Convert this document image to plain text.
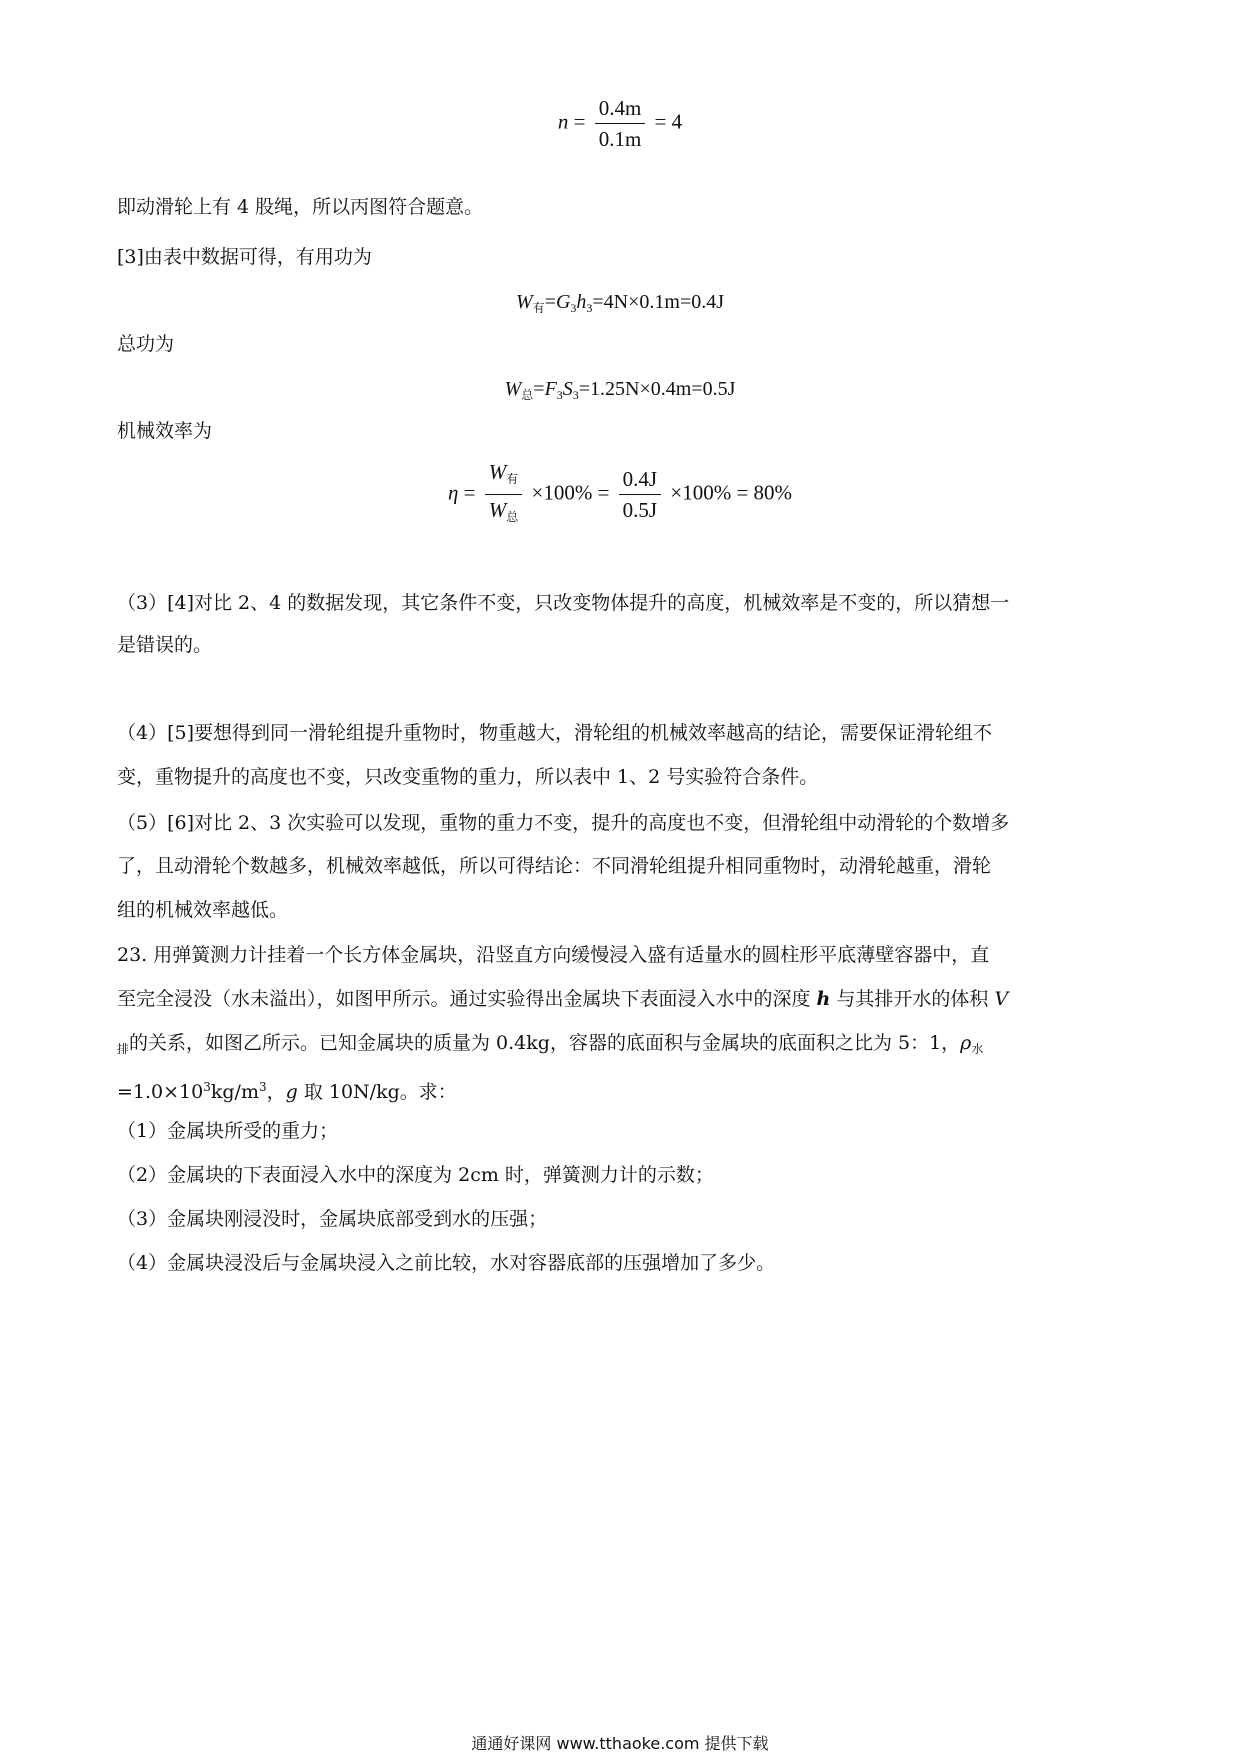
$n = \frac{0.4m}{0.1m} = 4$
即动滑轮上有 4 股绳，所以丙图符合题意。
[3]由表中数据可得，有用功为
$W_有=G_3h_3=4N\times 0.1m=0.4J$
总功为
$W_总=F_3S_3=1.25N\times 0.4m=0.5J$
机械效率为
$\eta = \frac{W_有}{W_总} \times 100\% = \frac{0.4J}{0.5J} \times 100\% = 80\%$
（3）[4]对比 2、4 的数据发现，其它条件不变，只改变物体提升的高度，机械效率是不变的，所以猜想一
是错误的。
（4）[5]要想得到同一滑轮组提升重物时，物重越大，滑轮组的机械效率越高的结论，需要保证滑轮组不
变，重物提升的高度也不变，只改变重物的重力，所以表中 1、2 号实验符合条件。
（5）[6]对比 2、3 次实验可以发现，重物的重力不变，提升的高度也不变，但滑轮组中动滑轮的个数增多
了，且动滑轮个数越多，机械效率越低，所以可得结论：不同滑轮组提升相同重物时，动滑轮越重，滑轮
组的机械效率越低。
23. 用弹簧测力计挂着一个长方体金属块，沿竖直方向缓慢浸入盛有适量水的圆柱形平底薄壁容器中，直
至完全浸没（水未溢出），如图甲所示。通过实验得出金属块下表面浸入水中的深度 h 与其排开水的体积 V
$_排$的关系，如图乙所示。已知金属块的质量为 0.4kg，容器的底面积与金属块的底面积之比为 5：1，$\rho_水$
$=1.0\times 10^3kg/m^3$，g 取 10N/kg。求：
（1）金属块所受的重力；
（2）金属块的下表面浸入水中的深度为 2cm 时，弹簧测力计的示数；
（3）金属块刚浸没时，金属块底部受到水的压强；
（4）金属块浸没后与金属块浸入之前比较，水对容器底部的压强增加了多少。
通通好课网 www.tthaoke.com 提供下载
